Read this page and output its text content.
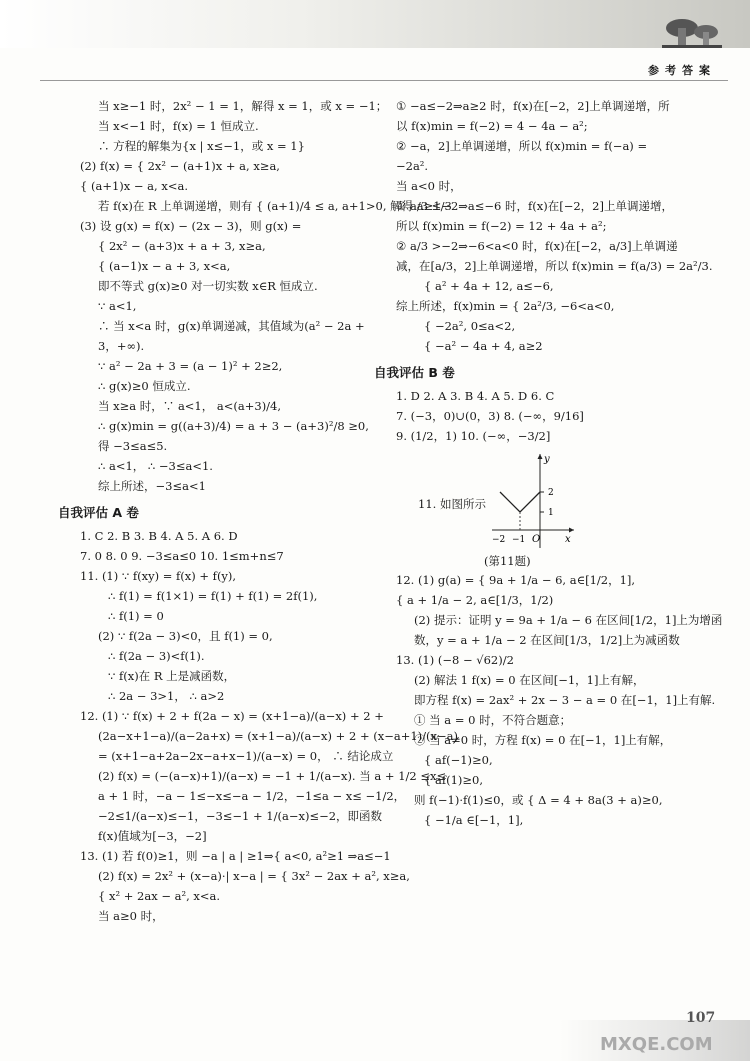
参考答案
当 x≥−1 时，2x² − 1 = 1，解得 x = 1，或 x = −1；
当 x<−1 时，f(x) = 1 恒成立.
∴ 方程的解集为{x | x≤−1，或 x = 1}
(2) f(x) = { 2x² − (a+1)x + a, x≥a,
{ (a+1)x − a, x<a.
若 f(x)在 R 上单调递增，则有 { (a+1)/4 ≤ a, a+1>0, 解得 a≥1/3
(3) 设 g(x) = f(x) − (2x − 3)，则 g(x) =
{ 2x² − (a+3)x + a + 3, x≥a,
{ (a−1)x − a + 3, x<a,
即不等式 g(x)≥0 对一切实数 x∈R 恒成立.
∵ a<1,
∴ 当 x<a 时，g(x)单调递减，其值域为(a² − 2a +
3，+∞).
∵ a² − 2a + 3 = (a − 1)² + 2≥2,
∴ g(x)≥0 恒成立.
当 x≥a 时，∵ a<1， a<(a+3)/4,
∴ g(x)min = g((a+3)/4) = a + 3 − (a+3)²/8 ≥0,
得 −3≤a≤5.
∴ a<1， ∴ −3≤a<1.
综上所述，−3≤a<1
自我评估 A 卷
1. C 2. B 3. B 4. A 5. A 6. D
7. 0 8. 0 9. −3≤a≤0 10. 1≤m+n≤7
11. (1) ∵ f(xy) = f(x) + f(y),
∴ f(1) = f(1×1) = f(1) + f(1) = 2f(1),
∴ f(1) = 0
(2) ∵ f(2a − 3)<0，且 f(1) = 0,
∴ f(2a − 3)<f(1).
∵ f(x)在 R 上是减函数，
∴ 2a − 3>1， ∴ a>2
12. (1) ∵ f(x) + 2 + f(2a − x) = (x+1−a)/(a−x) + 2 +
(2a−x+1−a)/(a−2a+x) = (x+1−a)/(a−x) + 2 + (x−a+1)/(x−a)
= (x+1−a+2a−2x−a+x−1)/(a−x) = 0， ∴ 结论成立
(2) f(x) = (−(a−x)+1)/(a−x) = −1 + 1/(a−x). 当 a + 1/2 ≤x≤
a + 1 时，−a − 1≤−x≤−a − 1/2，−1≤a − x≤ −1/2，
−2≤1/(a−x)≤−1，−3≤−1 + 1/(a−x)≤−2，即函数
f(x)值域为[−3，−2]
13. (1) 若 f(0)≥1，则 −a | a | ≥1⇒{ a<0, a²≥1 ⇒a≤−1
(2) f(x) = 2x² + (x−a)·| x−a | = { 3x² − 2ax + a², x≥a,
{ x² + 2ax − a², x<a.
当 a≥0 时，
① −a≤−2⇒a≥2 时，f(x)在[−2，2]上单调递增，所
以 f(x)min = f(−2) = 4 − 4a − a²;
② −a，2]上单调递增，所以 f(x)min = f(−a) =
−2a².
当 a<0 时，
① a/3 ≤−2⇒a≤−6 时，f(x)在[−2，2]上单调递增，
所以 f(x)min = f(−2) = 12 + 4a + a²;
② a/3 >−2⇒−6<a<0 时，f(x)在[−2，a/3]上单调递
减，在[a/3，2]上单调递增，所以 f(x)min = f(a/3) = 2a²/3.
{ a² + 4a + 12, a≤−6,
综上所述，f(x)min = { 2a²/3, −6<a<0,
{ −2a², 0≤a<2,
{ −a² − 4a + 4, a≥2
自我评估 B 卷
1. D 2. A 3. B 4. A 5. D 6. C
7. (−3，0)∪(0，3) 8. (−∞，9/16]
9. (1/2，1) 10. (−∞，−3/2]
11. 如图所示
x
y
O
−2 −1
2
1
(第11题)
12. (1) g(a) = { 9a + 1/a − 6, a∈[1/2，1],
{ a + 1/a − 2, a∈[1/3，1/2)
(2) 提示：证明 y = 9a + 1/a − 6 在区间[1/2，1]上为增函
数，y = a + 1/a − 2 在区间[1/3，1/2]上为减函数
13. (1) (−8 − √62)/2
(2) 解法 1 f(x) = 0 在区间[−1，1]上有解，
即方程 f(x) = 2ax² + 2x − 3 − a = 0 在[−1，1]上有解.
① 当 a = 0 时，不符合题意；
② 当 a≠0 时，方程 f(x) = 0 在[−1，1]上有解，
{ af(−1)≥0,
{ af(1)≥0,
则 f(−1)·f(1)≤0，或 { Δ = 4 + 8a(3 + a)≥0,
{ −1/a ∈[−1，1],
107
MXQE.COM
